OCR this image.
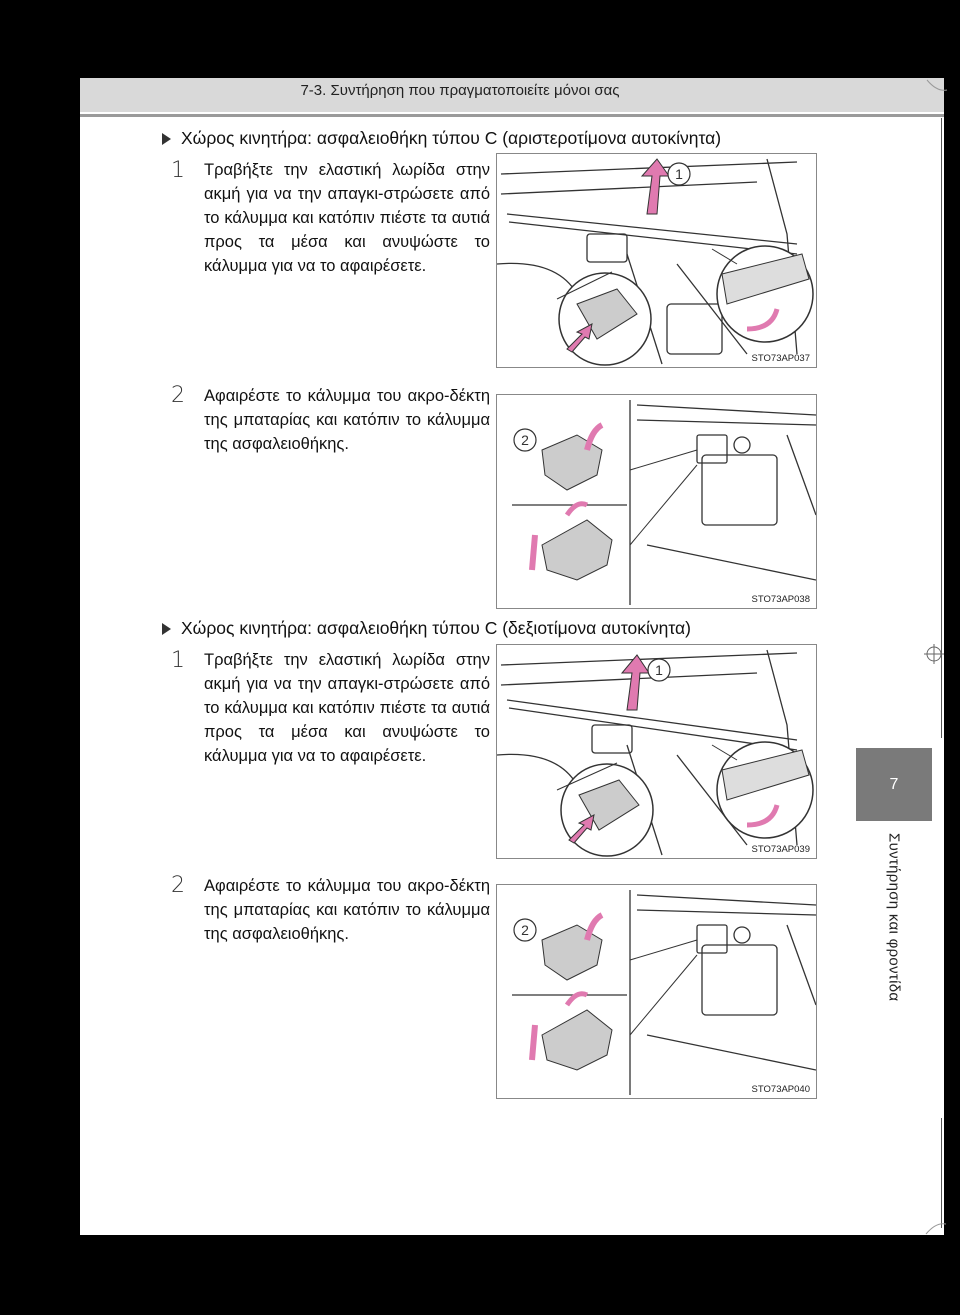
7-3. Συντήρηση που πραγματοποιείτε μόνοι σας
7
Συντήρηση και φροντίδα
Χώρος κινητήρα: ασφαλειοθήκη τύπου C (αριστεροτίμονα αυτοκίνητα)
1	Τραβήξτε την ελαστική λωρίδα στην ακμή για να την απαγκι-στρώσετε από το κάλυμμα και κατόπιν πιέστε τα αυτιά προς τα μέσα και ανυψώστε το κάλυμμα για να το αφαιρέσετε.
1
STO73AP037
2	Αφαιρέστε το κάλυμμα του ακρο-δέκτη της μπαταρίας και κατόπιν το κάλυμμα της ασφαλειοθήκης.	2
STO73AP038
Χώρος κινητήρα: ασφαλειοθήκη τύπου C (δεξιοτίμονα αυτοκίνητα)
1	Τραβήξτε την ελαστική λωρίδα στην ακμή για να την απαγκι-στρώσετε από το κάλυμμα και κατόπιν πιέστε τα αυτιά προς τα μέσα και ανυψώστε το κάλυμμα για να το αφαιρέσετε.
1
STO73AP039
2	Αφαιρέστε το κάλυμμα του ακρο-δέκτη της μπαταρίας και κατόπιν το κάλυμμα της ασφαλειοθήκης.	2
STO73AP040
